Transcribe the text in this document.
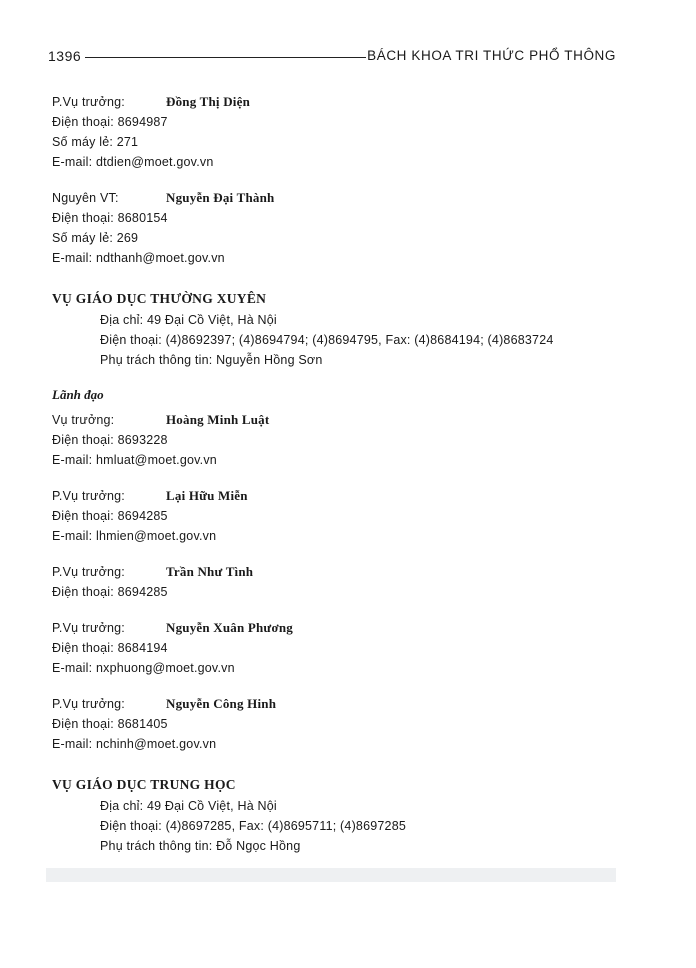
1396	BÁCH KHOA TRI THỨC PHỔ THÔNG
P.Vụ trưởng:	Đồng Thị Diện
Điện thoại: 8694987
Số máy lẻ: 271
E-mail: dtdien@moet.gov.vn
Nguyên VT:	Nguyễn Đại Thành
Điện thoại: 8680154
Số máy lẻ: 269
E-mail: ndthanh@moet.gov.vn
VỤ GIÁO DỤC THƯỜNG XUYÊN
Địa chỉ: 49 Đại Cồ Việt, Hà Nội
Điện thoại: (4)8692397; (4)8694794; (4)8694795, Fax: (4)8684194; (4)8683724
Phụ trách thông tin: Nguyễn Hồng Sơn
Lãnh đạo
Vụ trưởng:	Hoàng Minh Luật
Điện thoại: 8693228
E-mail: hmluat@moet.gov.vn
P.Vụ trưởng:	Lại Hữu Miễn
Điện thoại: 8694285
E-mail: lhmien@moet.gov.vn
P.Vụ trưởng:	Trần Như Tình
Điện thoại: 8694285
P.Vụ trưởng:	Nguyễn Xuân Phương
Điện thoại: 8684194
E-mail: nxphuong@moet.gov.vn
P.Vụ trưởng:	Nguyễn Công Hinh
Điện thoại: 8681405
E-mail: nchinh@moet.gov.vn
VỤ GIÁO DỤC TRUNG HỌC
Địa chỉ: 49 Đại Cồ Việt, Hà Nội
Điện thoại: (4)8697285, Fax: (4)8695711; (4)8697285
Phụ trách thông tin: Đỗ Ngọc Hồng
